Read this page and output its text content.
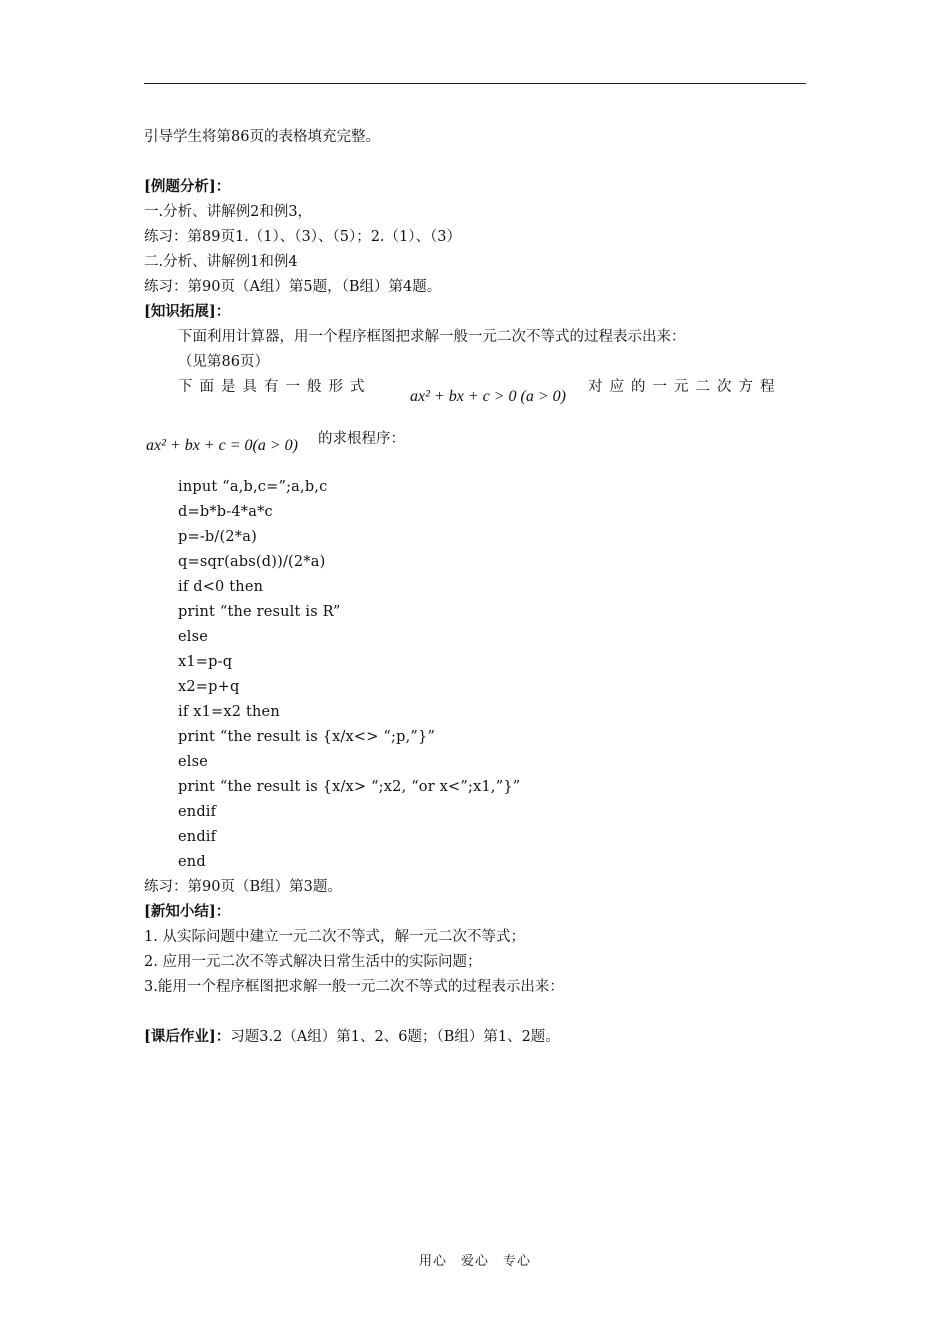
引导学生将第86页的表格填充完整。
[例题分析]：
一.分析、讲解例2和例3，
练习：第89页1.（1）、（3）、（5）；2.（1）、（3）
二.分析、讲解例1和例4
练习：第90页（A组）第5题，（B组）第4题。
[知识拓展]：
下面利用计算器，用一个程序框图把求解一般一元二次不等式的过程表示出来：
（见第86页）
下面是具有一般形式
ax² + bx + c > 0 (a > 0)
对应的一元二次方程
ax² + bx + c = 0(a > 0) 的求根程序：
input “a,b,c=”;a,b,c
d=b*b-4*a*c
p=-b/(2*a)
q=sqr(abs(d))/(2*a)
if d<0 then
print “the result is R”
else
x1=p-q
x2=p+q
if x1=x2 then
print “the result is {x/x<> “;p,”}”
else
print “the result is {x/x> “;x2, “or x<”;x1,”}”
endif
endif
end
练习：第90页（B组）第3题。
[新知小结]：
1. 从实际问题中建立一元二次不等式，解一元二次不等式；
2. 应用一元二次不等式解决日常生活中的实际问题；
3.能用一个程序框图把求解一般一元二次不等式的过程表示出来：
[课后作业]：习题3.2（A组）第1、2、6题；（B组）第1、2题。
用心　爱心　专心
